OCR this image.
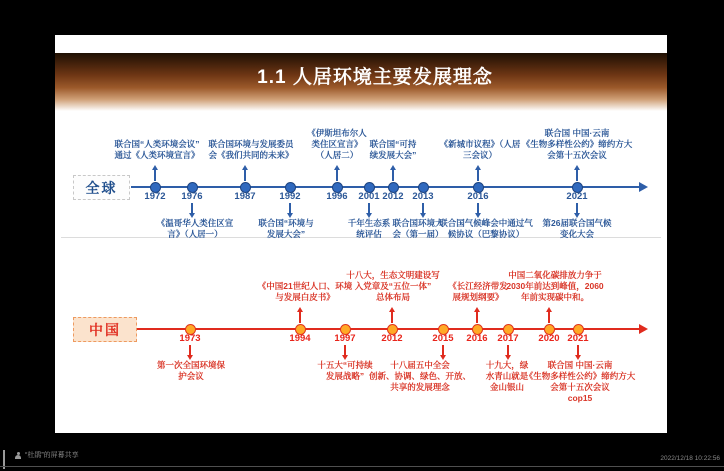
1.1 人居环境主要发展理念
全球
1972
联合国“人类环境会议”
通过《人类环境宣言》
1976
《温哥华人类住区宣
言》（人居一）
1987
联合国环境与发展委员
会《我们共同的未来》
1992
联合国“环境与
发展大会”
1996
《伊斯坦布尔人
类住区宣言》
（人居二）
2001
千年生态系
统评估
2012
联合国“可持
续发展大会”
2013
联合国环境大
会（第一届）
2016
《新城市议程》（人居
三会议）
联合国气候峰会中通过气
候协议（巴黎协议）
2021
联合国 中国·云南
《生物多样性公约》缔约方大
会第十五次会议
第26届联合国气候
变化大会
中国
1973
第一次全国环境保
护会议
1994
《中国21世纪人口、环境
与发展白皮书》
1997
十五大“可持续
发展战略”
2012
十八大，生态文明建设写
入党章及“五位一体”
总体布局
2015
十八届五中全会
创新、协调、绿色、开放、
共享的发展理念
2016
《长江经济带发
展规划纲要》
2017
十九大，绿
水青山就是
金山银山
2020
中国二氧化碳排放力争于
2030年前达到峰值，2060
年前实现碳中和。
2021
联合国 中国·云南
《生物多样性公约》缔约方大
会第十五次会议
cop15
“杜鹃”的屏幕共享	2022/12/18 10:22:56
